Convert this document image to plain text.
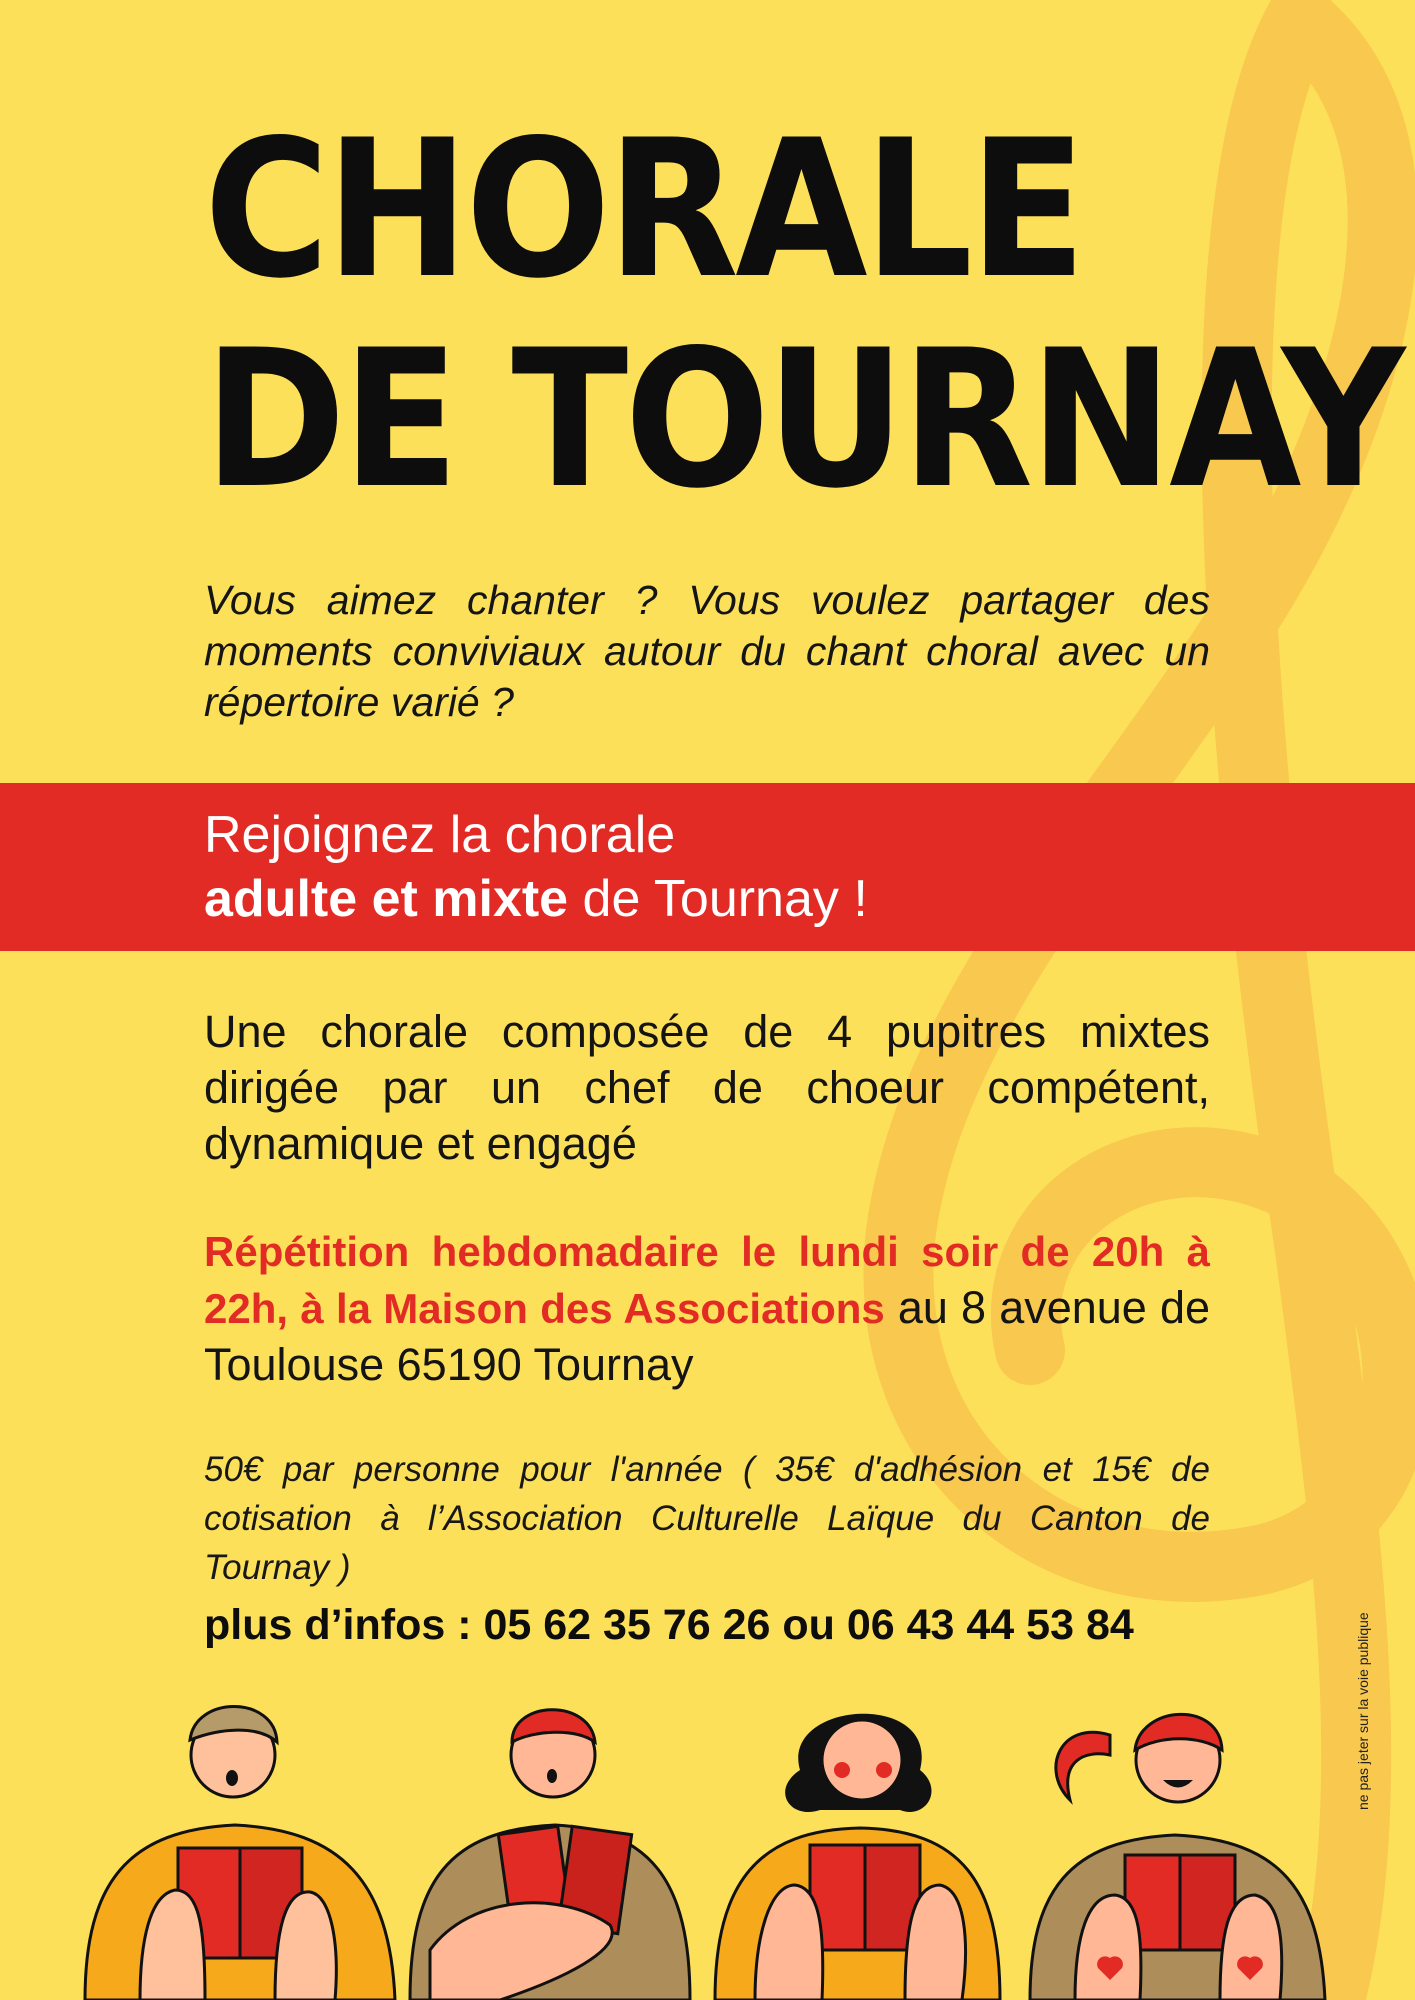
CHORALE
DE TOURNAY

Vous aimez chanter ? Vous voulez partager des moments conviviaux autour du chant choral avec un répertoire varié ?

Rejoignez la chorale
adulte et mixte de Tournay !

Une chorale composée de 4 pupitres mixtes dirigée par un chef de choeur compétent, dynamique et engagé

Répétition hebdomadaire le lundi soir de 20h à 22h, à la Maison des Associations au 8 avenue de Toulouse 65190 Tournay

50€ par personne pour l'année ( 35€ d'adhésion et 15€ de cotisation à l’Association Culturelle Laïque du Canton de Tournay )

plus d’infos : 05 62 35 76 26 ou 06 43 44 53 84	ne pas jeter sur la voie publique
